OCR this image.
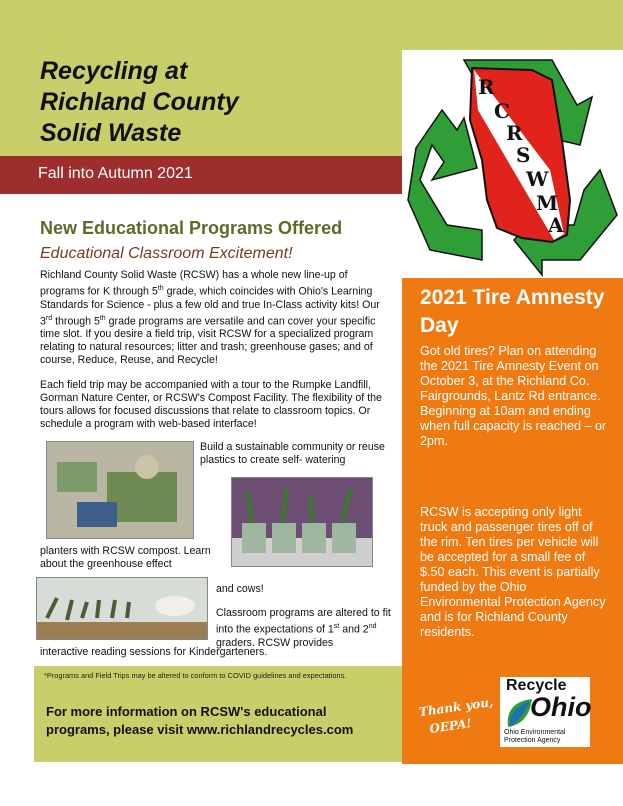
Recycling at
Richland County
Solid Waste
Fall into Autumn 2021
R
C
R
S
W
M
A
New Educational Programs Offered
Educational Classroom Excitement!
Richland County Solid Waste (RCSW) has a whole new line-up of programs for K through 5th grade, which coincides with Ohio's Learning Standards for Science - plus a few old and true In-Class activity kits! Our 3rd through 5th grade programs are versatile and can cover your specific time slot. If you desire a field trip, visit RCSW for a specialized program relating to natural resources; litter and trash; greenhouse gases; and of course, Reduce, Reuse, and Recycle!
Each field trip may be accompanied with a tour to the Rumpke Landfill, Gorman Nature Center, or RCSW's Compost Facility. The flexibility of the tours allows for focused discussions that relate to classroom topics. Or schedule a program with web-based interface!
Build a sustainable community or reuse plastics to create self- watering
planters with RCSW compost. Learn about the greenhouse effect
and cows!
Classroom programs are altered to fit into the expectations of 1st and 2nd graders. RCSW provides
interactive reading sessions for Kindergarteners.
*Programs and Field Trips may be altered to conform to COVID guidelines and expectations.
For more information on RCSW's educational programs, please visit www.richlandrecycles.com
2021 Tire Amnesty Day
Got old tires? Plan on attending the 2021 Tire Amnesty Event on October 3, at the Richland Co. Fairgrounds, Lantz Rd entrance. Beginning at 10am and ending when full capacity is reached – or 2pm.
RCSW is accepting only light truck and passenger tires off of the rim. Ten tires per vehicle will be accepted for a small fee of $.50 each. This event is partially funded by the Ohio Environmental Protection Agency and is for Richland County residents.
Thank you,
OEPA!
Recycle
Ohio
Ohio Environmental Protection Agency
